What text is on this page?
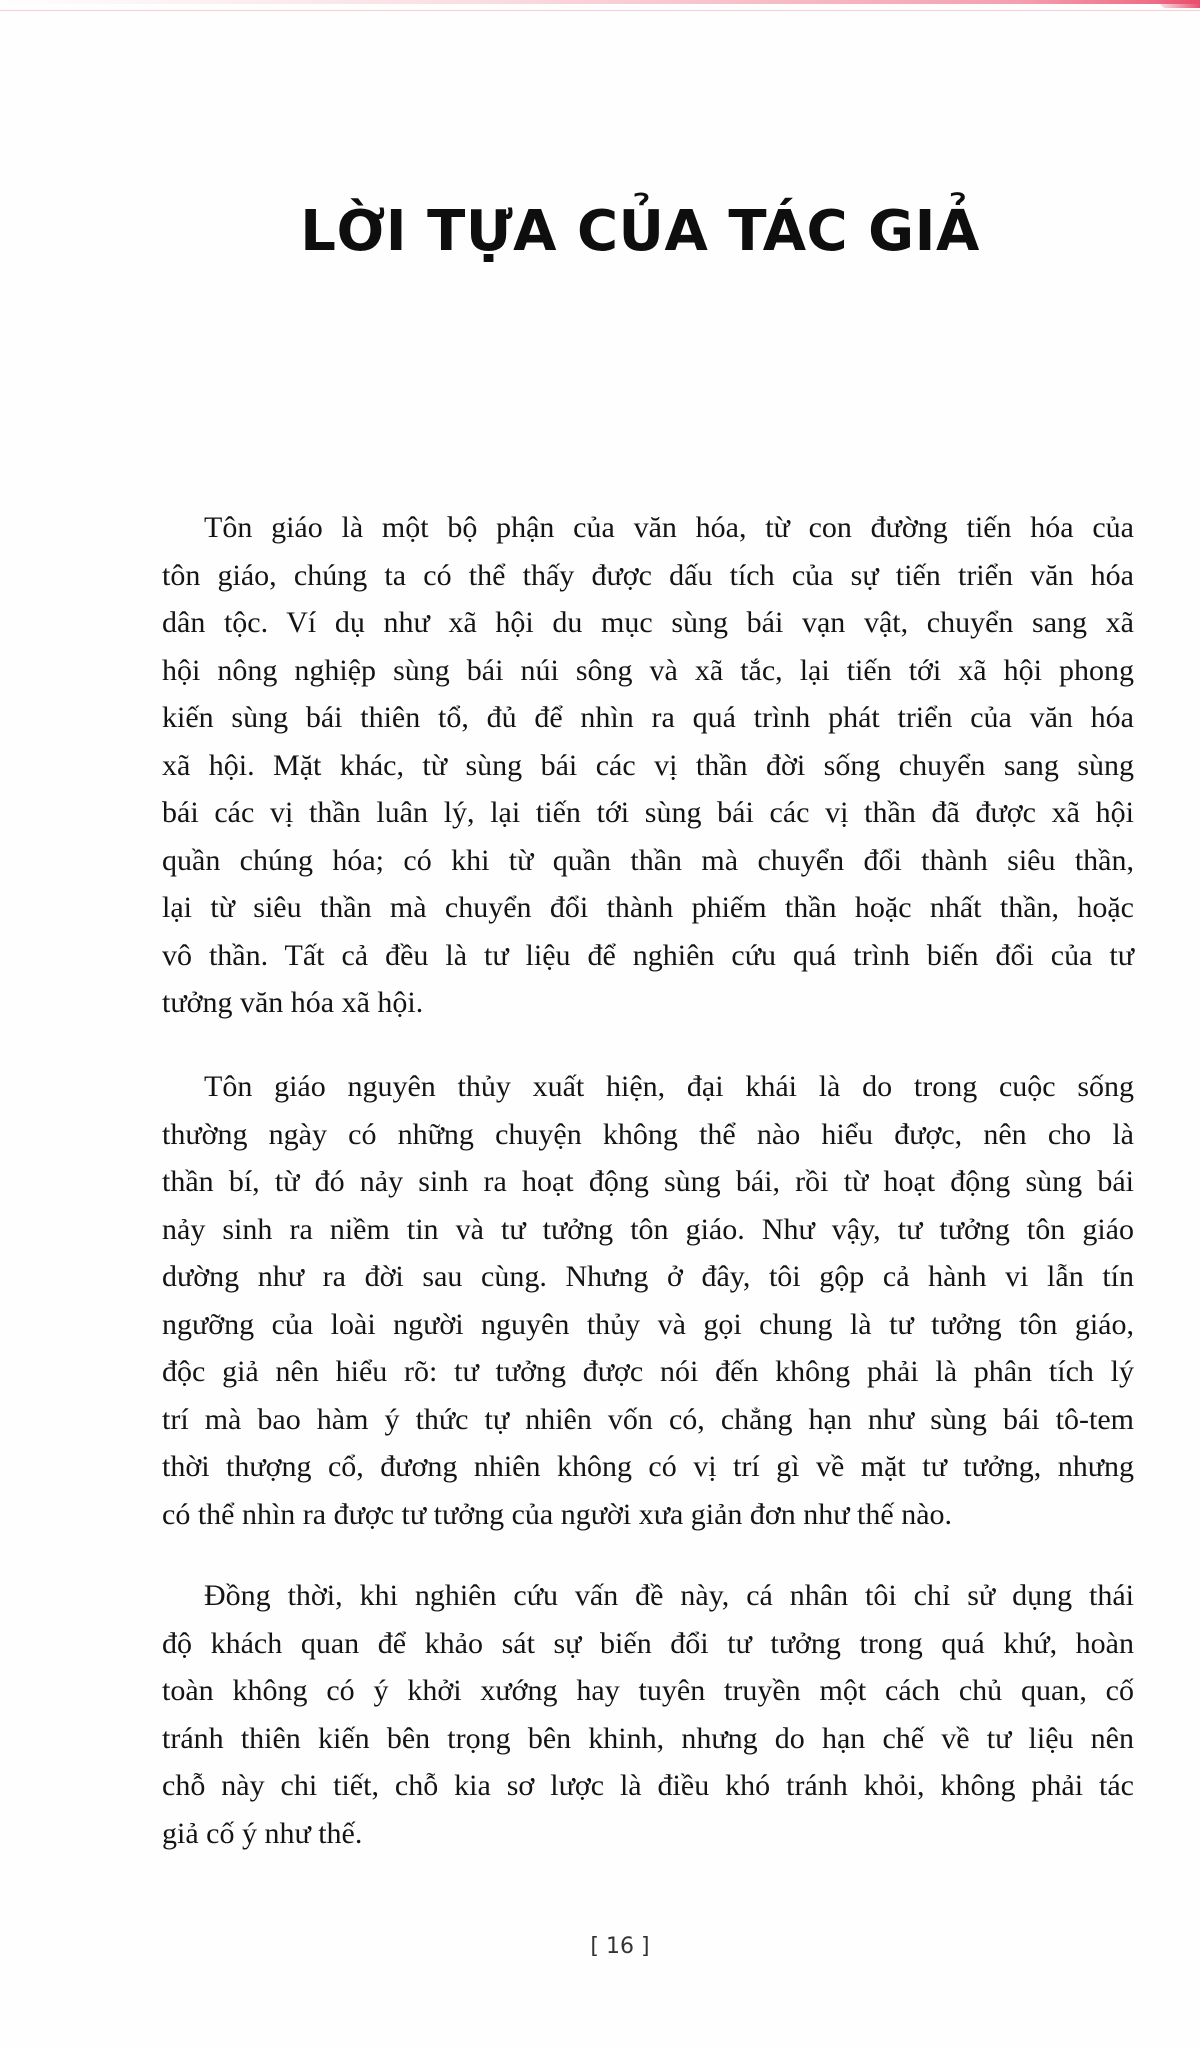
LỜI TỰA CỦA TÁC GIẢ
Tôn giáo là một bộ phận của văn hóa, từ con đường tiến hóa của
tôn giáo, chúng ta có thể thấy được dấu tích của sự tiến triển văn hóa
dân tộc. Ví dụ như xã hội du mục sùng bái vạn vật, chuyển sang xã
hội nông nghiệp sùng bái núi sông và xã tắc, lại tiến tới xã hội phong
kiến sùng bái thiên tổ, đủ để nhìn ra quá trình phát triển của văn hóa
xã hội. Mặt khác, từ sùng bái các vị thần đời sống chuyển sang sùng
bái các vị thần luân lý, lại tiến tới sùng bái các vị thần đã được xã hội
quần chúng hóa; có khi từ quần thần mà chuyển đổi thành siêu thần,
lại từ siêu thần mà chuyển đổi thành phiếm thần hoặc nhất thần, hoặc
vô thần. Tất cả đều là tư liệu để nghiên cứu quá trình biến đổi của tư
tưởng văn hóa xã hội.
Tôn giáo nguyên thủy xuất hiện, đại khái là do trong cuộc sống
thường ngày có những chuyện không thể nào hiểu được, nên cho là
thần bí, từ đó nảy sinh ra hoạt động sùng bái, rồi từ hoạt động sùng bái
nảy sinh ra niềm tin và tư tưởng tôn giáo. Như vậy, tư tưởng tôn giáo
dường như ra đời sau cùng. Nhưng ở đây, tôi gộp cả hành vi lẫn tín
ngưỡng của loài người nguyên thủy và gọi chung là tư tưởng tôn giáo,
độc giả nên hiểu rõ: tư tưởng được nói đến không phải là phân tích lý
trí mà bao hàm ý thức tự nhiên vốn có, chẳng hạn như sùng bái tô-tem
thời thượng cổ, đương nhiên không có vị trí gì về mặt tư tưởng, nhưng
có thể nhìn ra được tư tưởng của người xưa giản đơn như thế nào.
Đồng thời, khi nghiên cứu vấn đề này, cá nhân tôi chỉ sử dụng thái
độ khách quan để khảo sát sự biến đổi tư tưởng trong quá khứ, hoàn
toàn không có ý khởi xướng hay tuyên truyền một cách chủ quan, cố
tránh thiên kiến bên trọng bên khinh, nhưng do hạn chế về tư liệu nên
chỗ này chi tiết, chỗ kia sơ lược là điều khó tránh khỏi, không phải tác
giả cố ý như thế.
[ 16 ]
